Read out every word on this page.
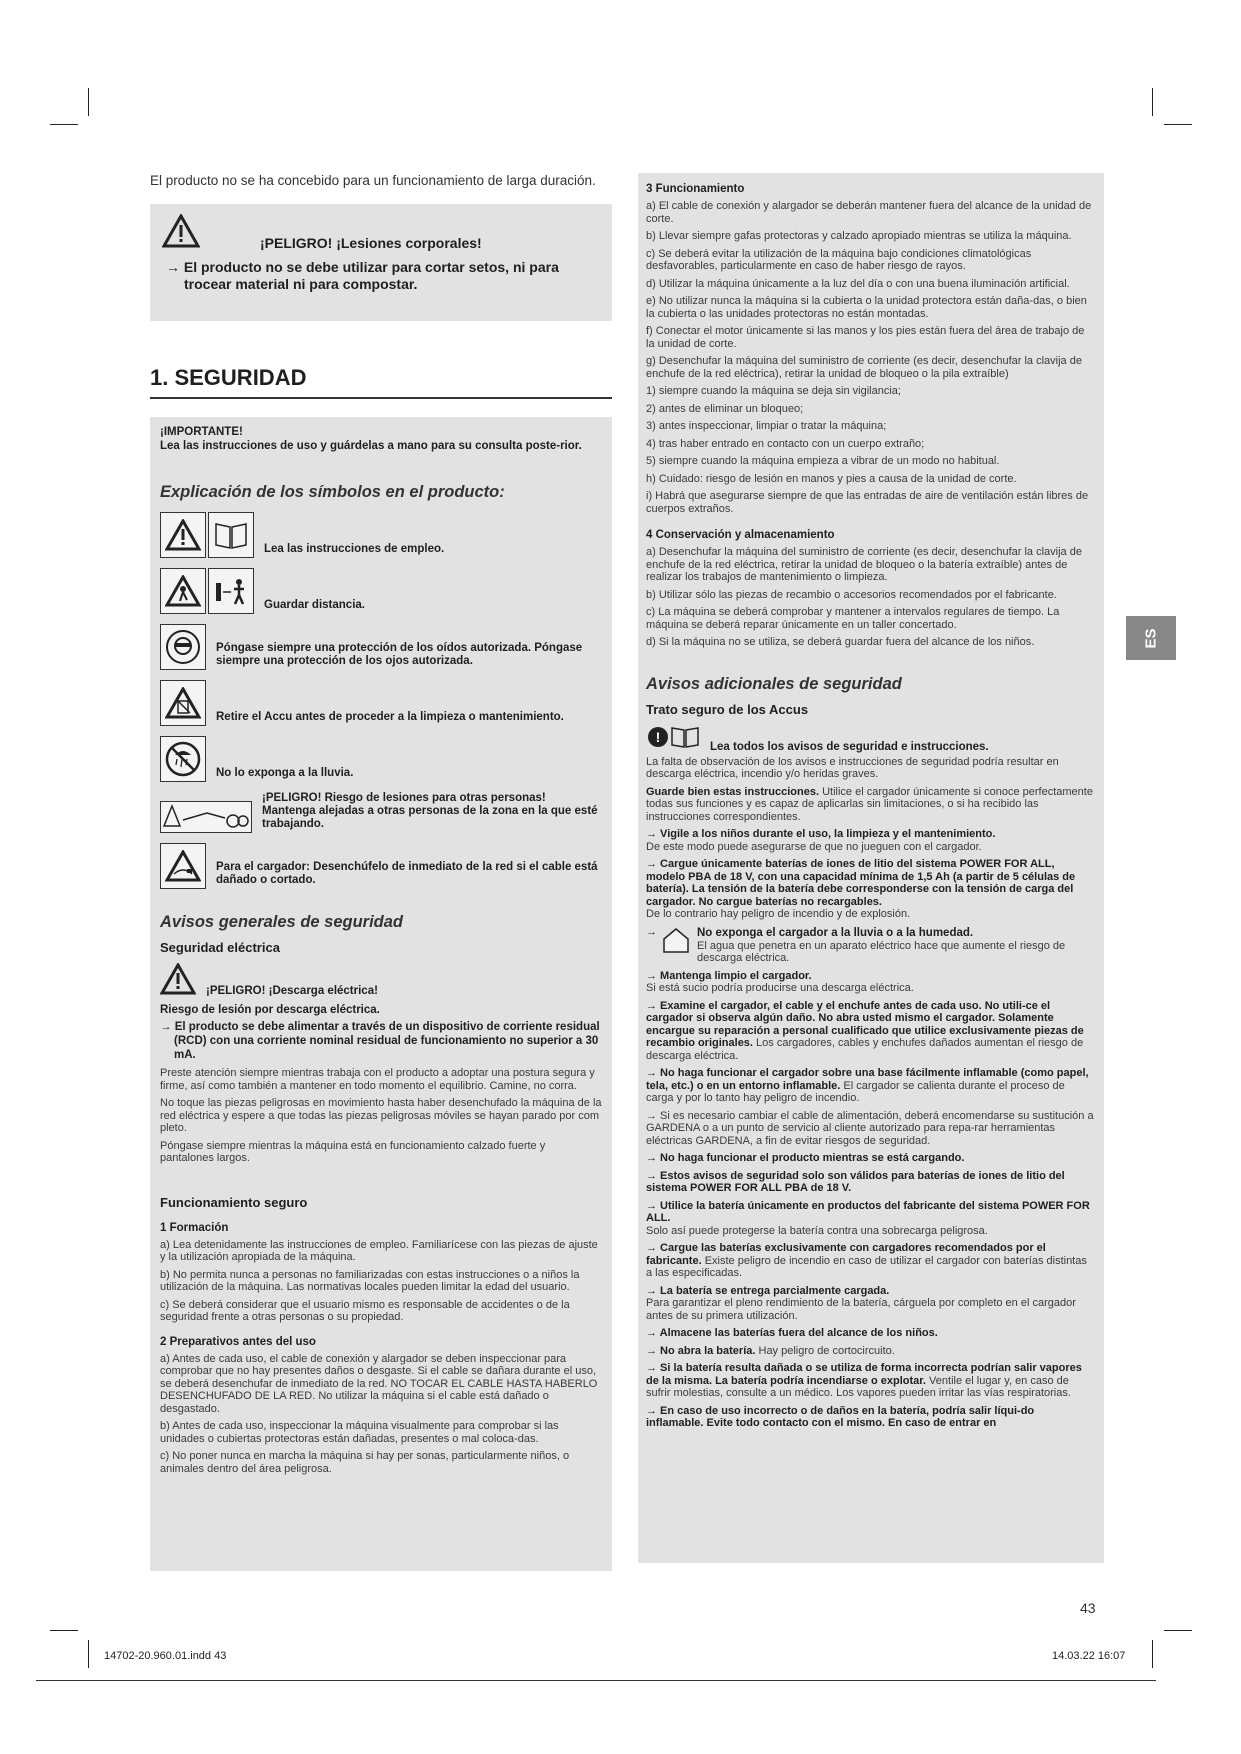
El producto no se ha concebido para un funcionamiento de larga duración.
¡PELIGRO! ¡Lesiones corporales!
→ El producto no se debe utilizar para cortar setos, ni para trocear material ni para compostar.
1. SEGURIDAD
¡IMPORTANTE!
Lea las instrucciones de uso y guárdelas a mano para su consulta poste-rior.
Explicación de los símbolos en el producto:
Lea las instrucciones de empleo.
Guardar distancia.
Póngase siempre una protección de los oídos autorizada. Póngase siempre una protección de los ojos autorizada.
Retire el Accu antes de proceder a la limpieza o mantenimiento.
No lo exponga a la lluvia.
¡PELIGRO! Riesgo de lesiones para otras personas! Mantenga alejadas a otras personas de la zona en la que esté trabajando.
Para el cargador: Desenchúfelo de inmediato de la red si el cable está dañado o cortado.
Avisos generales de seguridad
Seguridad eléctrica
¡PELIGRO! ¡Descarga eléctrica!
Riesgo de lesión por descarga eléctrica.
→ El producto se debe alimentar a través de un dispositivo de corriente residual (RCD) con una corriente nominal residual de funcionamiento no superior a 30 mA.
Preste atención siempre mientras trabaja con el producto a adoptar una postura segura y firme, así como también a mantener en todo momento el equilibrio. Camine, no corra.
No toque las piezas peligrosas en movimiento hasta haber desenchufado la máquina de la red eléctrica y espere a que todas las piezas peligrosas móviles se hayan parado por com pleto.
Póngase siempre mientras la máquina está en funcionamiento calzado fuerte y pantalones largos.
Funcionamiento seguro
1 Formación
a) Lea detenidamente las instrucciones de empleo. Familiarícese con las piezas de ajuste y la utilización apropiada de la máquina.
b) No permita nunca a personas no familiarizadas con estas instrucciones o a niños la utilización de la máquina. Las normativas locales pueden limitar la edad del usuario.
c) Se deberá considerar que el usuario mismo es responsable de accidentes o de la seguridad frente a otras personas o su propiedad.
2 Preparativos antes del uso
a) Antes de cada uso, el cable de conexión y alargador se deben inspeccionar para comprobar que no hay presentes daños o desgaste. Si el cable se dañara durante el uso, se deberá desenchufar de inmediato de la red. NO TOCAR EL CABLE HASTA HABERLO DESENCHUFADO DE LA RED. No utilizar la máquina si el cable está dañado o desgastado.
b) Antes de cada uso, inspeccionar la máquina visualmente para comprobar si las unidades o cubiertas protectoras están dañadas, presentes o mal coloca-das.
c) No poner nunca en marcha la máquina si hay per sonas, particularmente niños, o animales dentro del área peligrosa.
3 Funcionamiento
a) El cable de conexión y alargador se deberán mantener fuera del alcance de la unidad de corte.
b) Llevar siempre gafas protectoras y calzado apropiado mientras se utiliza la máquina.
c) Se deberá evitar la utilización de la máquina bajo condiciones climatológicas desfavorables, particularmente en caso de haber riesgo de rayos.
d) Utilizar la máquina únicamente a la luz del día o con una buena iluminación artificial.
e) No utilizar nunca la máquina si la cubierta o la unidad protectora están daña-das, o bien la cubierta o las unidades protectoras no están montadas.
f) Conectar el motor únicamente si las manos y los pies están fuera del área de trabajo de la unidad de corte.
g) Desenchufar la máquina del suministro de corriente (es decir, desenchufar la clavija de enchufe de la red eléctrica), retirar la unidad de bloqueo o la pila extraíble)
1) siempre cuando la máquina se deja sin vigilancia;
2) antes de eliminar un bloqueo;
3) antes inspeccionar, limpiar o tratar la máquina;
4) tras haber entrado en contacto con un cuerpo extraño;
5) siempre cuando la máquina empieza a vibrar de un modo no habitual.
h) Cuidado: riesgo de lesión en manos y pies a causa de la unidad de corte.
i) Habrá que asegurarse siempre de que las entradas de aire de ventilación están libres de cuerpos extraños.
4 Conservación y almacenamiento
a) Desenchufar la máquina del suministro de corriente (es decir, desenchufar la clavija de enchufe de la red eléctrica, retirar la unidad de bloqueo o la batería extraíble) antes de realizar los trabajos de mantenimiento o limpieza.
b) Utilizar sólo las piezas de recambio o accesorios recomendados por el fabricante.
c) La máquina se deberá comprobar y mantener a intervalos regulares de tiempo. La máquina se deberá reparar únicamente en un taller concertado.
d) Si la máquina no se utiliza, se deberá guardar fuera del alcance de los niños.
Avisos adicionales de seguridad
Trato seguro de los Accus
!
Lea todos los avisos de seguridad e instrucciones.
La falta de observación de los avisos e instrucciones de seguridad podría resultar en descarga eléctrica, incendio y/o heridas graves.
Guarde bien estas instrucciones. Utilice el cargador únicamente si conoce perfectamente todas sus funciones y es capaz de aplicarlas sin limitaciones, o si ha recibido las instrucciones correspondientes.
→ Vigile a los niños durante el uso, la limpieza y el mantenimiento.
De este modo puede asegurarse de que no jueguen con el cargador.
→ Cargue únicamente baterías de iones de litio del sistema POWER FOR ALL, modelo PBA de 18 V, con una capacidad mínima de 1,5 Ah (a partir de 5 células de batería). La tensión de la batería debe corresponderse con la tensión de carga del cargador. No cargue baterías no recargables.
De lo contrario hay peligro de incendio y de explosión.
→	No exponga el cargador a la lluvia o a la humedad.
El agua que penetra en un aparato eléctrico hace que aumente el riesgo de descarga eléctrica.
→ Mantenga limpio el cargador.
Si está sucio podría producirse una descarga eléctrica.
→ Examine el cargador, el cable y el enchufe antes de cada uso. No utili-ce el cargador si observa algún daño. No abra usted mismo el cargador. Solamente encargue su reparación a personal cualificado que utilice exclusivamente piezas de recambio originales. Los cargadores, cables y enchufes dañados aumentan el riesgo de descarga eléctrica.
→ No haga funcionar el cargador sobre una base fácilmente inflamable (como papel, tela, etc.) o en un entorno inflamable. El cargador se calienta durante el proceso de carga y por lo tanto hay peligro de incendio.
→ Si es necesario cambiar el cable de alimentación, deberá encomendarse su sustitución a GARDENA o a un punto de servicio al cliente autorizado para repa-rar herramientas eléctricas GARDENA, a fin de evitar riesgos de seguridad.
→ No haga funcionar el producto mientras se está cargando.
→ Estos avisos de seguridad solo son válidos para baterías de iones de litio del sistema POWER FOR ALL PBA de 18 V.
→ Utilice la batería únicamente en productos del fabricante del sistema POWER FOR ALL.
Solo así puede protegerse la batería contra una sobrecarga peligrosa.
→ Cargue las baterías exclusivamente con cargadores recomendados por el fabricante. Existe peligro de incendio en caso de utilizar el cargador con baterías distintas a las especificadas.
→ La batería se entrega parcialmente cargada.
Para garantizar el pleno rendimiento de la batería, cárguela por completo en el cargador antes de su primera utilización.
→ Almacene las baterías fuera del alcance de los niños.
→ No abra la batería. Hay peligro de cortocircuito.
→ Si la batería resulta dañada o se utiliza de forma incorrecta podrían salir vapores de la misma. La batería podría incendiarse o explotar. Ventile el lugar y, en caso de sufrir molestias, consulte a un médico. Los vapores pueden irritar las vías respiratorias.
→ En caso de uso incorrecto o de daños en la batería, podría salir líqui-do inflamable. Evite todo contacto con el mismo. En caso de entrar en
ES
43
14702-20.960.01.indd 43	14.03.22 16:07
